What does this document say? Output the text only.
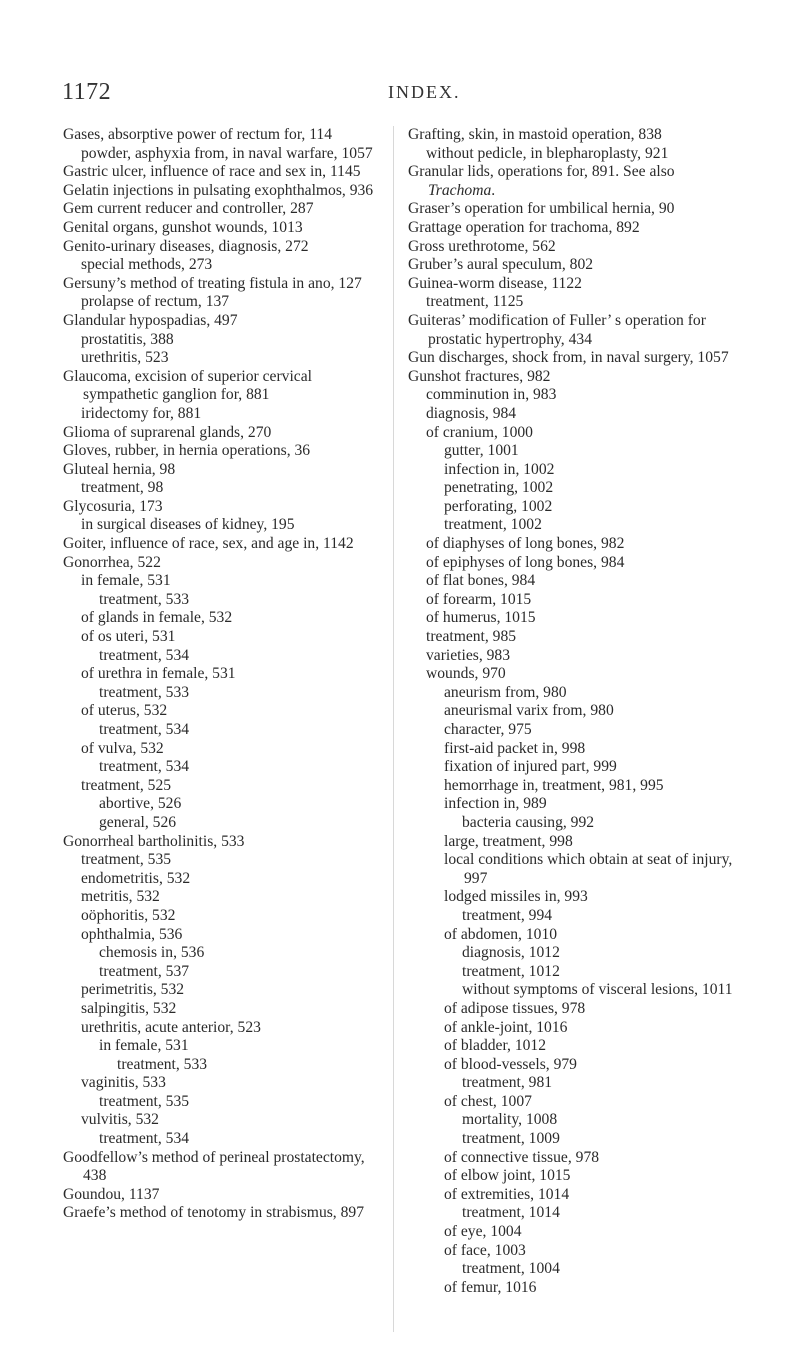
1172	INDEX.
Gases, absorptive power of rectum for, 114
powder, asphyxia from, in naval warfare, 1057
Gastric ulcer, influence of race and sex in, 1145
Gelatin injections in pulsating exophthalmos, 936
Gem current reducer and controller, 287
Genital organs, gunshot wounds, 1013
Genito-urinary diseases, diagnosis, 272
special methods, 273
Gersuny’s method of treating fistula in ano, 127
prolapse of rectum, 137
Glandular hypospadias, 497
prostatitis, 388
urethritis, 523
Glaucoma, excision of superior cervical sympathetic ganglion for, 881
iridectomy for, 881
Glioma of suprarenal glands, 270
Gloves, rubber, in hernia operations, 36
Gluteal hernia, 98
treatment, 98
Glycosuria, 173
in surgical diseases of kidney, 195
Goiter, influence of race, sex, and age in, 1142
Gonorrhea, 522
in female, 531
treatment, 533
of glands in female, 532
of os uteri, 531
treatment, 534
of urethra in female, 531
treatment, 533
of uterus, 532
treatment, 534
of vulva, 532
treatment, 534
treatment, 525
abortive, 526
general, 526
Gonorrheal bartholinitis, 533
treatment, 535
endometritis, 532
metritis, 532
oöphoritis, 532
ophthalmia, 536
chemosis in, 536
treatment, 537
perimetritis, 532
salpingitis, 532
urethritis, acute anterior, 523
in female, 531
treatment, 533
vaginitis, 533
treatment, 535
vulvitis, 532
treatment, 534
Goodfellow’s method of perineal prostatectomy, 438
Goundou, 1137
Graefe’s method of tenotomy in strabismus, 897
Grafting, skin, in mastoid operation, 838
without pedicle, in blepharoplasty, 921
Granular lids, operations for, 891. See also Trachoma.
Graser’s operation for umbilical hernia, 90
Grattage operation for trachoma, 892
Gross urethrotome, 562
Gruber’s aural speculum, 802
Guinea-worm disease, 1122
treatment, 1125
Guiteras’ modification of Fuller’ s operation for prostatic hypertrophy, 434
Gun discharges, shock from, in naval surgery, 1057
Gunshot fractures, 982
comminution in, 983
diagnosis, 984
of cranium, 1000
gutter, 1001
infection in, 1002
penetrating, 1002
perforating, 1002
treatment, 1002
of diaphyses of long bones, 982
of epiphyses of long bones, 984
of flat bones, 984
of forearm, 1015
of humerus, 1015
treatment, 985
varieties, 983
wounds, 970
aneurism from, 980
aneurismal varix from, 980
character, 975
first-aid packet in, 998
fixation of injured part, 999
hemorrhage in, treatment, 981, 995
infection in, 989
bacteria causing, 992
large, treatment, 998
local conditions which obtain at seat of injury, 997
lodged missiles in, 993
treatment, 994
of abdomen, 1010
diagnosis, 1012
treatment, 1012
without symptoms of visceral lesions, 1011
of adipose tissues, 978
of ankle-joint, 1016
of bladder, 1012
of blood-vessels, 979
treatment, 981
of chest, 1007
mortality, 1008
treatment, 1009
of connective tissue, 978
of elbow joint, 1015
of extremities, 1014
treatment, 1014
of eye, 1004
of face, 1003
treatment, 1004
of femur, 1016
